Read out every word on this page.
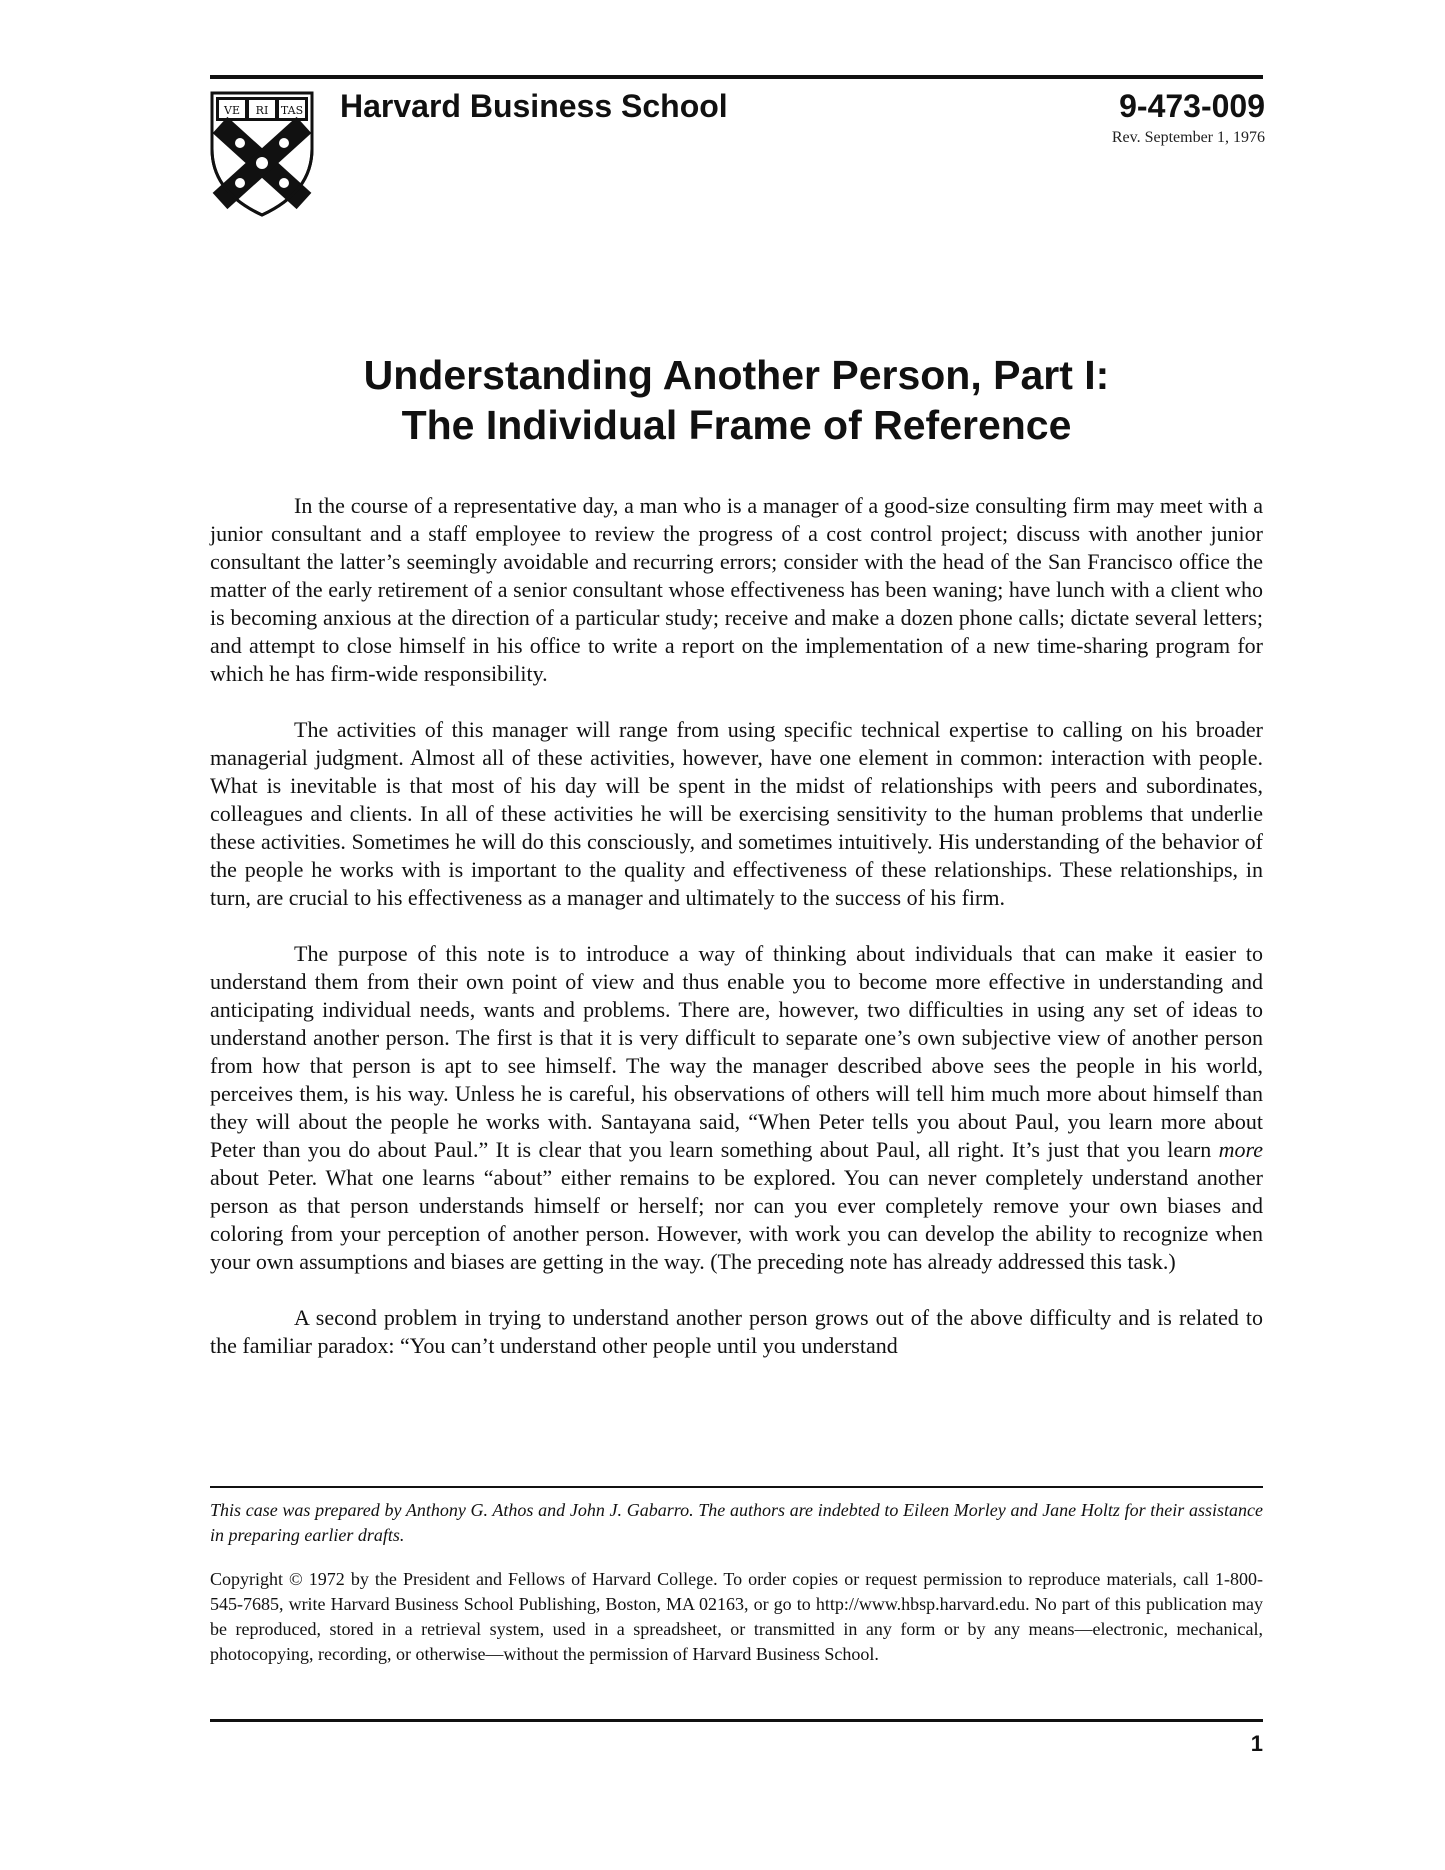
VE RI TAS Harvard Business School	9-473-009
Rev. September 1, 1976
Understanding Another Person, Part I:
The Individual Frame of Reference

In the course of a representative day, a man who is a manager of a good-size consulting firm may meet with a junior consultant and a staff employee to review the progress of a cost control project; discuss with another junior consultant the latter’s seemingly avoidable and recurring errors; consider with the head of the San Francisco office the matter of the early retirement of a senior consultant whose effectiveness has been waning; have lunch with a client who is becoming anxious at the direction of a particular study; receive and make a dozen phone calls; dictate several letters; and attempt to close himself in his office to write a report on the implementation of a new time-sharing program for which he has firm-wide responsibility.

The activities of this manager will range from using specific technical expertise to calling on his broader managerial judgment. Almost all of these activities, however, have one element in common: interaction with people. What is inevitable is that most of his day will be spent in the midst of relationships with peers and subordinates, colleagues and clients. In all of these activities he will be exercising sensitivity to the human problems that underlie these activities. Sometimes he will do this consciously, and sometimes intuitively. His understanding of the behavior of the people he works with is important to the quality and effectiveness of these relationships. These relationships, in turn, are crucial to his effectiveness as a manager and ultimately to the success of his firm.

The purpose of this note is to introduce a way of thinking about individuals that can make it easier to understand them from their own point of view and thus enable you to become more effective in understanding and anticipating individual needs, wants and problems. There are, however, two difficulties in using any set of ideas to understand another person. The first is that it is very difficult to separate one’s own subjective view of another person from how that person is apt to see himself. The way the manager described above sees the people in his world, perceives them, is his way. Unless he is careful, his observations of others will tell him much more about himself than they will about the people he works with. Santayana said, “When Peter tells you about Paul, you learn more about Peter than you do about Paul.” It is clear that you learn something about Paul, all right. It’s just that you learn more about Peter. What one learns “about” either remains to be explored. You can never completely understand another person as that person understands himself or herself; nor can you ever completely remove your own biases and coloring from your perception of another person. However, with work you can develop the ability to recognize when your own assumptions and biases are getting in the way. (The preceding note has already addressed this task.)

A second problem in trying to understand another person grows out of the above difficulty and is related to the familiar paradox: “You can’t understand other people until you understand

This case was prepared by Anthony G. Athos and John J. Gabarro. The authors are indebted to Eileen Morley and Jane Holtz for their assistance in preparing earlier drafts.

Copyright © 1972 by the President and Fellows of Harvard College. To order copies or request permission to reproduce materials, call 1-800-545-7685, write Harvard Business School Publishing, Boston, MA 02163, or go to http://www.hbsp.harvard.edu. No part of this publication may be reproduced, stored in a retrieval system, used in a spreadsheet, or transmitted in any form or by any means—electronic, mechanical, photocopying, recording, or otherwise—without the permission of Harvard Business School.

1
